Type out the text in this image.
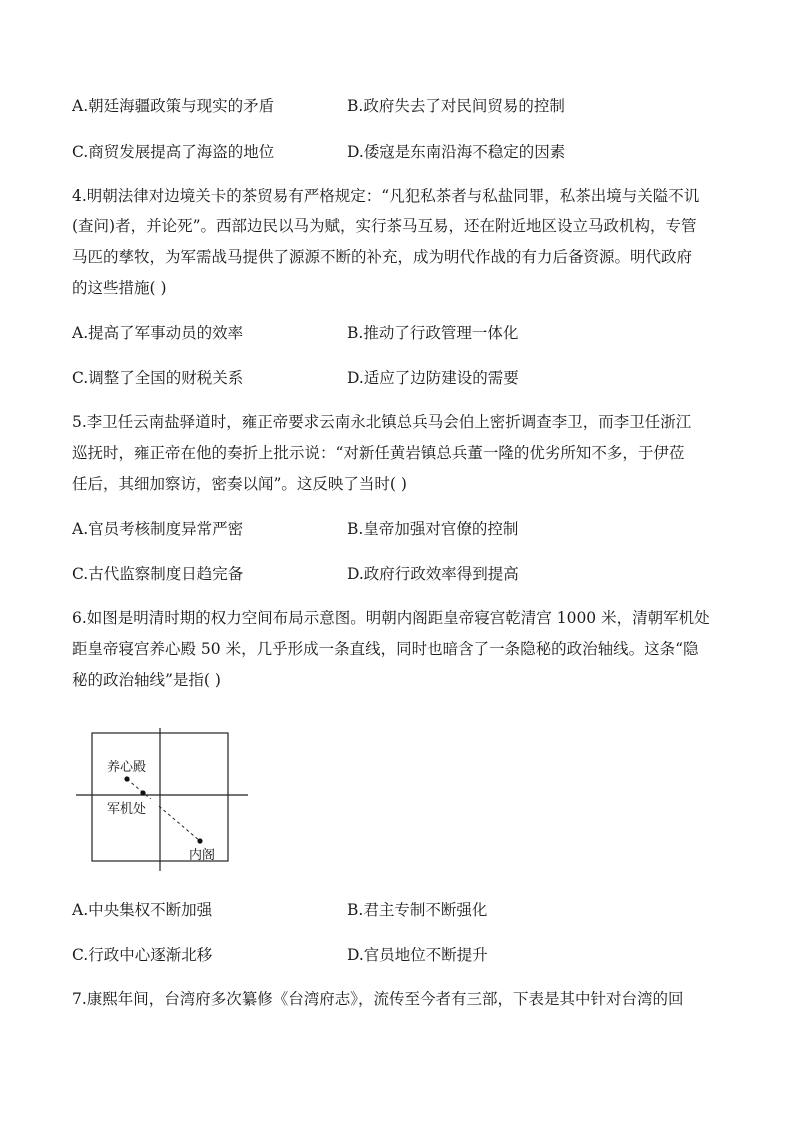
A.朝廷海疆政策与现实的矛盾	B.政府失去了对民间贸易的控制
C.商贸发展提高了海盗的地位	D.倭寇是东南沿海不稳定的因素
4.明朝法律对边境关卡的茶贸易有严格规定：“凡犯私茶者与私盐同罪，私茶出境与关隘不讥
(查问)者，并论死”。西部边民以马为赋，实行茶马互易，还在附近地区设立马政机构，专管
马匹的孳牧，为军需战马提供了源源不断的补充，成为明代作战的有力后备资源。明代政府
的这些措施( )
A.提高了军事动员的效率	B.推动了行政管理一体化
C.调整了全国的财税关系	D.适应了边防建设的需要
5.李卫任云南盐驿道时，雍正帝要求云南永北镇总兵马会伯上密折调查李卫，而李卫任浙江
巡抚时，雍正帝在他的奏折上批示说：“对新任黄岩镇总兵董一隆的优劣所知不多，于伊莅
任后，其细加察访，密奏以闻”。这反映了当时( )
A.官员考核制度异常严密	B.皇帝加强对官僚的控制
C.古代监察制度日趋完备	D.政府行政效率得到提高
6.如图是明清时期的权力空间布局示意图。明朝内阁距皇帝寝宫乾清宫 1000 米，清朝军机处
距皇帝寝宫养心殿 50 米，几乎形成一条直线，同时也暗含了一条隐秘的政治轴线。这条“隐
秘的政治轴线”是指( )
养心殿
军机处
内阁
A.中央集权不断加强	B.君主专制不断强化
C.行政中心逐渐北移	D.官员地位不断提升
7.康熙年间，台湾府多次纂修《台湾府志》，流传至今者有三部，下表是其中针对台湾的回
